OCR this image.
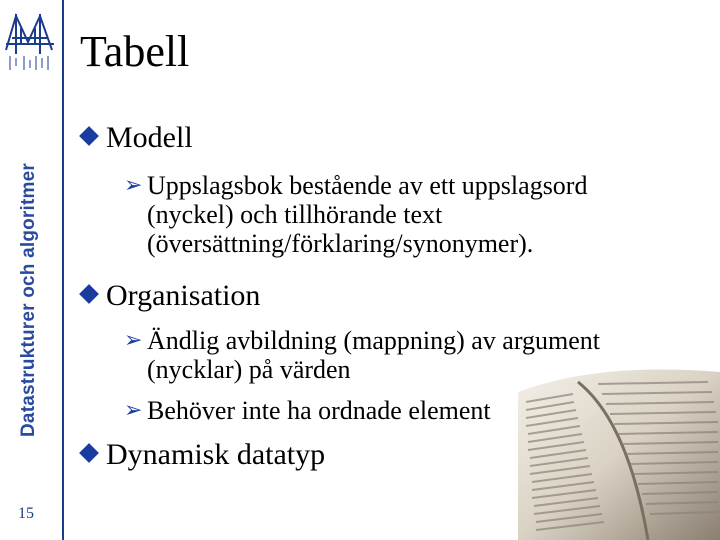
Datastrukturer och algoritmer
15
Tabell
Modell
➢ Uppslagsbok bestående av ett uppslagsord (nyckel) och tillhörande text (översättning/förklaring/synonymer).
Organisation
➢ Ändlig avbildning (mappning) av argument (nycklar) på värden
➢ Behöver inte ha ordnade element
Dynamisk datatyp
